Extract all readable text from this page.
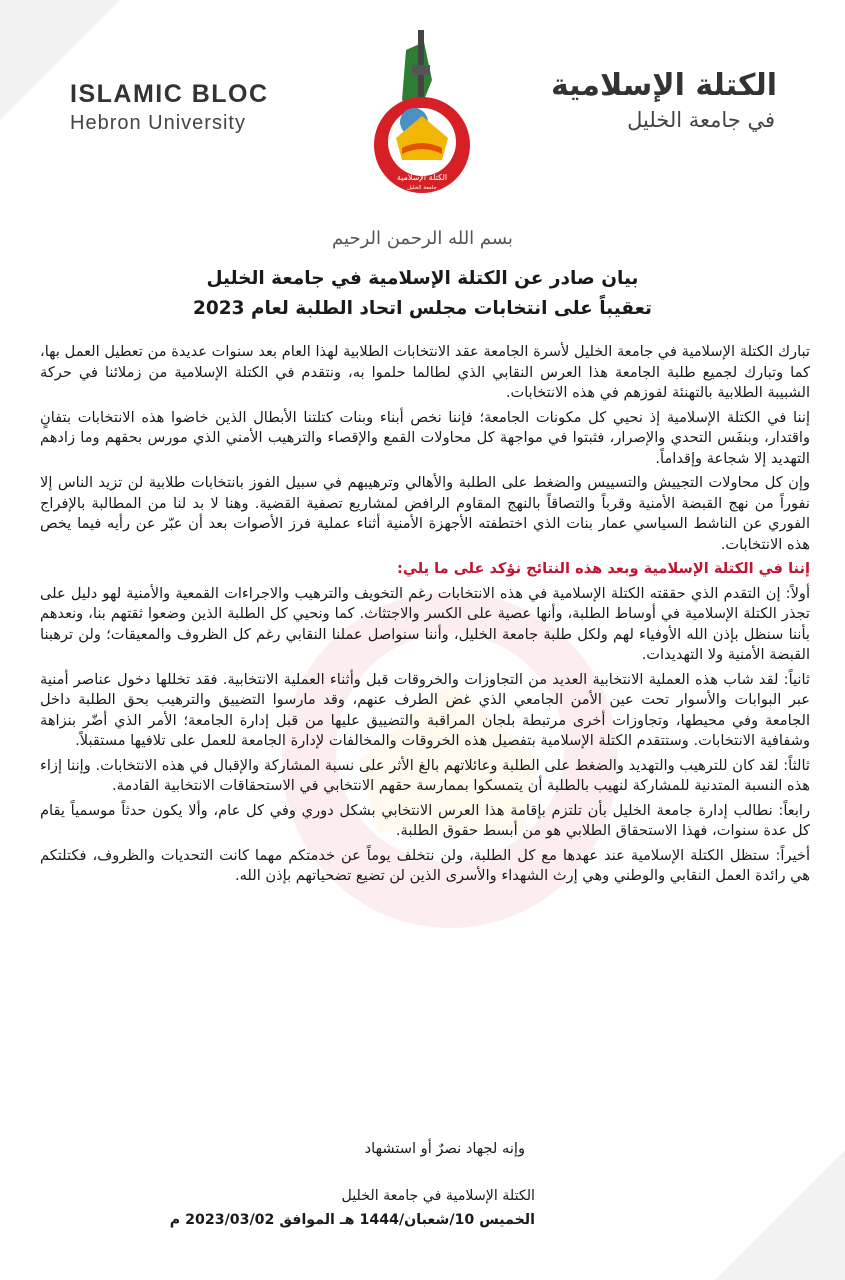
ISLAMIC BLOC
Hebron University
الكتلة الإسلامية
في جامعة الخليل
الكتلة الإسلامية
جامعة الخليل
بسم الله الرحمن الرحيم
بيان صادر عن الكتلة الإسلامية في جامعة الخليل
تعقيباً على انتخابات مجلس اتحاد الطلبة لعام 2023

تبارك الكتلة الإسلامية في جامعة الخليل لأسرة الجامعة عقد الانتخابات الطلابية لهذا العام بعد سنوات عديدة من تعطيل العمل بها، كما وتبارك لجميع طلبة الجامعة هذا العرس النقابي الذي لطالما حلموا به، ونتقدم في الكتلة الإسلامية من زملائنا في حركة الشبيبة الطلابية بالتهنئة لفوزهم في هذه الانتخابات.

إننا في الكتلة الإسلامية إذ نحيي كل مكونات الجامعة؛ فإننا نخص أبناء وبنات كتلتنا الأبطال الذين خاضوا هذه الانتخابات بتفانٍ واقتدار، وبنفَس التحدي والإصرار، فثبتوا في مواجهة كل محاولات القمع والإقصاء والترهيب الأمني الذي مورس بحقهم وما زادهم التهديد إلا شجاعة وإقداماً.

وإن كل محاولات التجييش والتسييس والضغط على الطلبة والأهالي وترهيبهم في سبيل الفوز بانتخابات طلابية لن تزيد الناس إلا نفوراً من نهج القبضة الأمنية وقرباً والتصاقاً بالنهج المقاوم الرافض لمشاريع تصفية القضية. وهنا لا بد لنا من المطالبة بالإفراج الفوري عن الناشط السياسي عمار بنات الذي اختطفته الأجهزة الأمنية أثناء عملية فرز الأصوات بعد أن عبّر عن رأيه فيما يخص هذه الانتخابات.

إننا في الكتلة الإسلامية وبعد هذه النتائج نؤكد على ما يلي:

أولاً: إن التقدم الذي حققته الكتلة الإسلامية في هذه الانتخابات رغم التخويف والترهيب والاجراءات القمعية والأمنية لهو دليل على تجذر الكتلة الإسلامية في أوساط الطلبة، وأنها عصية على الكسر والاجتثاث. كما ونحيي كل الطلبة الذين وضعوا ثقتهم بنا، ونعدهم بأننا سنظل بإذن الله الأوفياء لهم ولكل طلبة جامعة الخليل، وأننا سنواصل عملنا النقابي رغم كل الظروف والمعيقات؛ ولن ترهبنا القبضة الأمنية ولا التهديدات.

ثانياً: لقد شاب هذه العملية الانتخابية العديد من التجاوزات والخروقات قبل وأثناء العملية الانتخابية. فقد تخللها دخول عناصر أمنية عبر البوابات والأسوار تحت عين الأمن الجامعي الذي غض الطرف عنهم، وقد مارسوا التضييق والترهيب بحق الطلبة داخل الجامعة وفي محيطها، وتجاوزات أخرى مرتبطة بلجان المراقبة والتضييق عليها من قبل إدارة الجامعة؛ الأمر الذي أضّر بنزاهة وشفافية الانتخابات. وستتقدم الكتلة الإسلامية بتفصيل هذه الخروقات والمخالفات لإدارة الجامعة للعمل على تلافيها مستقبلاً.

ثالثاً: لقد كان للترهيب والتهديد والضغط على الطلبة وعائلاتهم بالغ الأثر على نسبة المشاركة والإقبال في هذه الانتخابات. وإننا إزاء هذه النسبة المتدنية للمشاركة لنهيب بالطلبة أن يتمسكوا بممارسة حقهم الانتخابي في الاستحقاقات الانتخابية القادمة.

رابعاً: نطالب إدارة جامعة الخليل بأن تلتزم بإقامة هذا العرس الانتخابي بشكل دوري وفي كل عام، وألا يكون حدثاً موسمياً يقام كل عدة سنوات، فهذا الاستحقاق الطلابي هو من أبسط حقوق الطلبة.

أخيراً: ستظل الكتلة الإسلامية عند عهدها مع كل الطلبة، ولن نتخلف يوماً عن خدمتكم مهما كانت التحديات والظروف، فكتلتكم هي رائدة العمل النقابي والوطني وهي إرث الشهداء والأسرى الذين لن تضيع تضحياتهم بإذن الله.

وإنه لجهاد نصرٌ أو استشهاد
الكتلة الإسلامية في جامعة الخليل
الخميس 10/شعبان/1444 هـ الموافق 2023/03/02 م
